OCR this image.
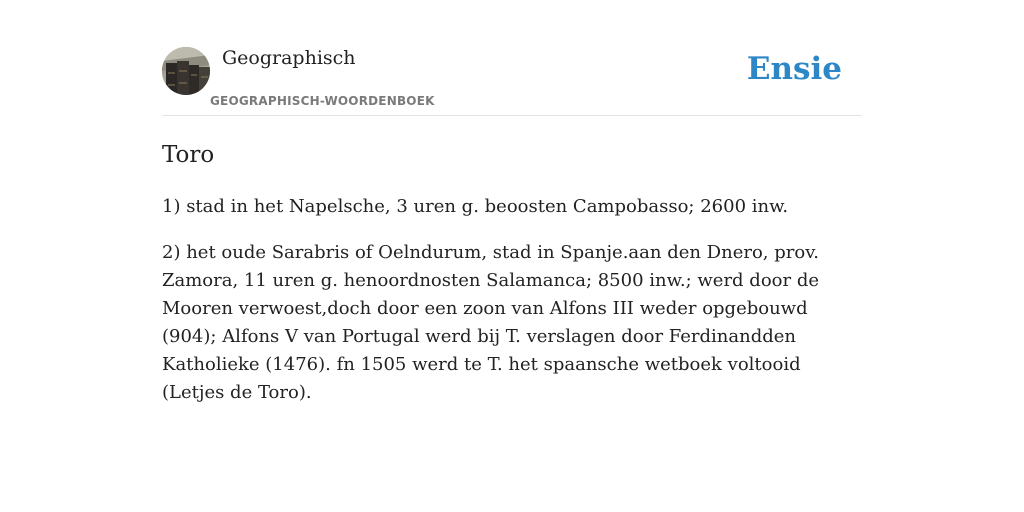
Geographisch
GEOGRAPHISCH-WOORDENBOEK
Ensie
Toro

1) stad in het Napelsche, 3 uren g. beoosten Campobasso; 2600 inw.

2) het oude Sarabris of Oelndurum, stad in Spanje.aan den Dnero, prov. Zamora, 11 uren g. henoordnosten Salamanca; 8500 inw.; werd door de Mooren verwoest,doch door een zoon van Alfons III weder opgebouwd (904); Alfons V van Portugal werd bij T. verslagen door Ferdinandden Katholieke (1476). fn 1505 werd te T. het spaansche wetboek voltooid (Letjes de Toro).
